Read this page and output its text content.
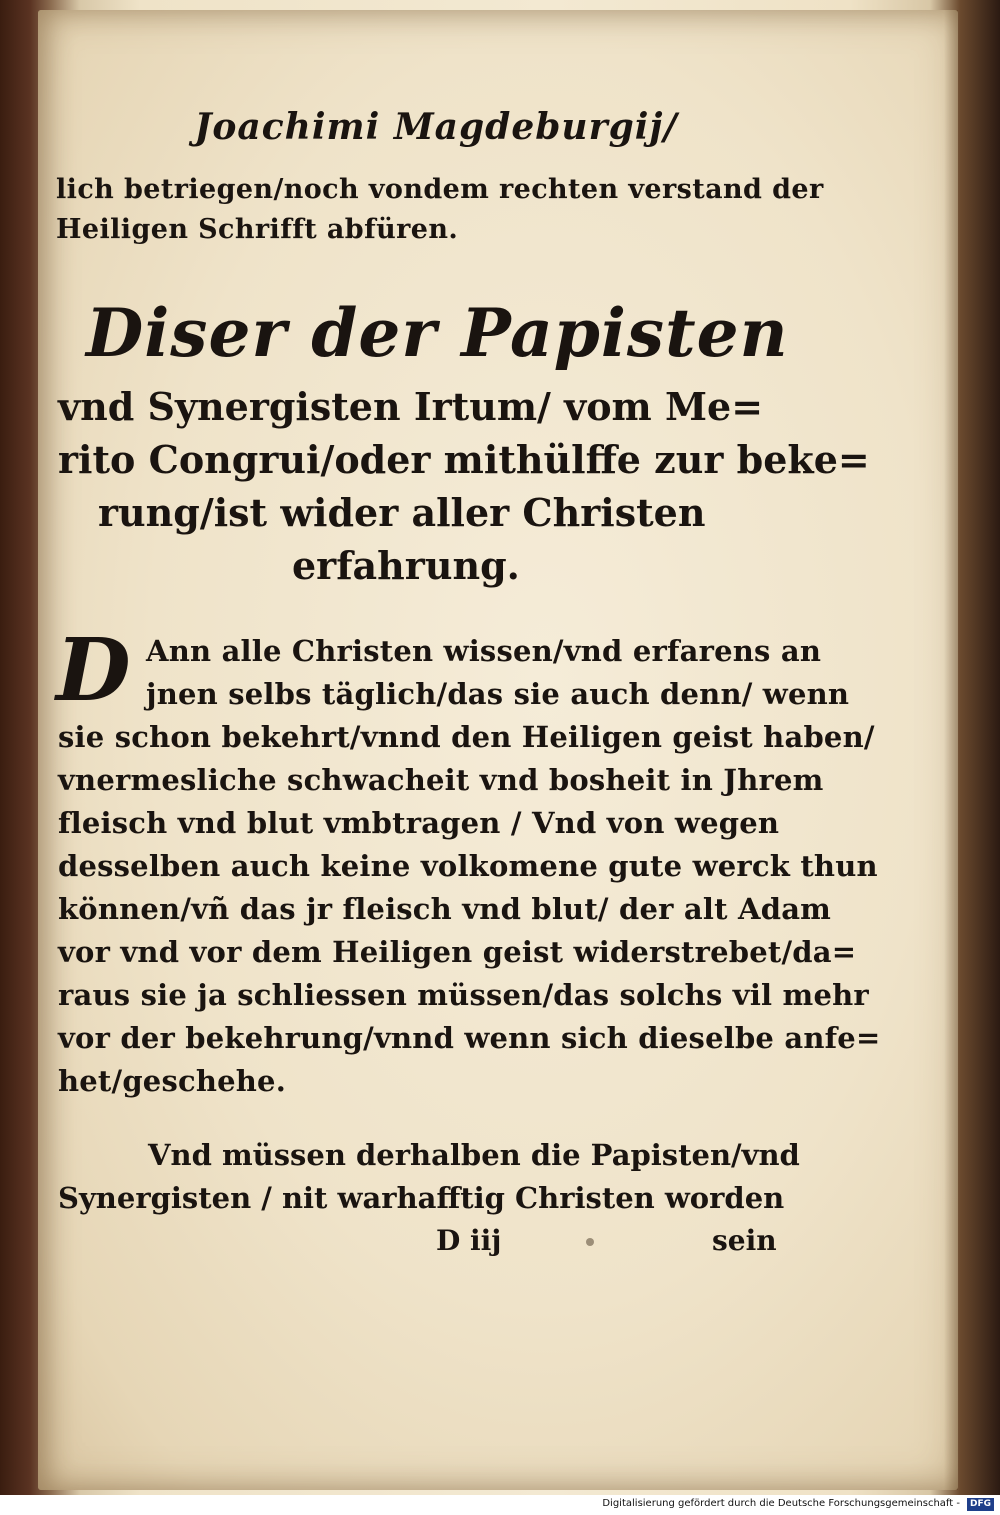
Joachimi Magdeburgij/
lich betriegen/noch vondem rechten verstand der
Heiligen Schrifft abfüren.
Diser der Papisten
vnd Synergisten Irtum/ vom Me=
rito Congrui/oder mithülffe zur beke=
rung/ist wider aller Christen
erfahrung.
D Ann alle Christen wissen/vnd erfarens an
jnen selbs täglich/das sie auch denn/ wenn
sie schon bekehrt/vnnd den Heiligen geist haben/
vnermesliche schwacheit vnd bosheit in Jhrem
fleisch vnd blut vmbtragen / Vnd von wegen
desselben auch keine volkomene gute werck thun
können/vñ das jr fleisch vnd blut/ der alt Adam
vor vnd vor dem Heiligen geist widerstrebet/da=
raus sie ja schliessen müssen/das solchs vil mehr
vor der bekehrung/vnnd wenn sich dieselbe anfe=
het/geschehe.
Vnd müssen derhalben die Papisten/vnd
Synergisten / nit warhafftig Christen worden
D iij	sein
Digitalisierung gefördert durch die Deutsche Forschungsgemeinschaft -	DFG
